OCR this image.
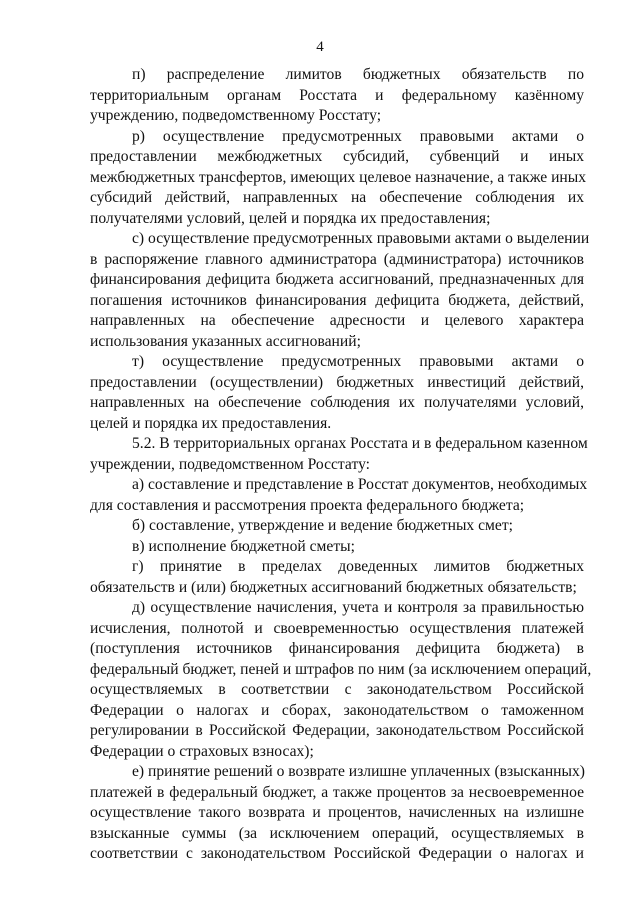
4
п) распределение лимитов бюджетных обязательств по
территориальным органам Росстата и федеральному казённому
учреждению, подведомственному Росстату;
р) осуществление предусмотренных правовыми актами о
предоставлении межбюджетных субсидий, субвенций и иных
межбюджетных трансфертов, имеющих целевое назначение, а также иных
субсидий действий, направленных на обеспечение соблюдения их
получателями условий, целей и порядка их предоставления;
с) осуществление предусмотренных правовыми актами о выделении
в распоряжение главного администратора (администратора) источников
финансирования дефицита бюджета ассигнований, предназначенных для
погашения источников финансирования дефицита бюджета, действий,
направленных на обеспечение адресности и целевого характера
использования указанных ассигнований;
т) осуществление предусмотренных правовыми актами о
предоставлении (осуществлении) бюджетных инвестиций действий,
направленных на обеспечение соблюдения их получателями условий,
целей и порядка их предоставления.
5.2. В территориальных органах Росстата и в федеральном казенном
учреждении, подведомственном Росстату:
а) составление и представление в Росстат документов, необходимых
для составления и рассмотрения проекта федерального бюджета;
б) составление, утверждение и ведение бюджетных смет;
в) исполнение бюджетной сметы;
г) принятие в пределах доведенных лимитов бюджетных
обязательств и (или) бюджетных ассигнований бюджетных обязательств;
д) осуществление начисления, учета и контроля за правильностью
исчисления, полнотой и своевременностью осуществления платежей
(поступления источников финансирования дефицита бюджета) в
федеральный бюджет, пеней и штрафов по ним (за исключением операций,
осуществляемых в соответствии с законодательством Российской
Федерации о налогах и сборах, законодательством о таможенном
регулировании в Российской Федерации, законодательством Российской
Федерации о страховых взносах);
е) принятие решений о возврате излишне уплаченных (взысканных)
платежей в федеральный бюджет, а также процентов за несвоевременное
осуществление такого возврата и процентов, начисленных на излишне
взысканные суммы (за исключением операций, осуществляемых в
соответствии с законодательством Российской Федерации о налогах и
